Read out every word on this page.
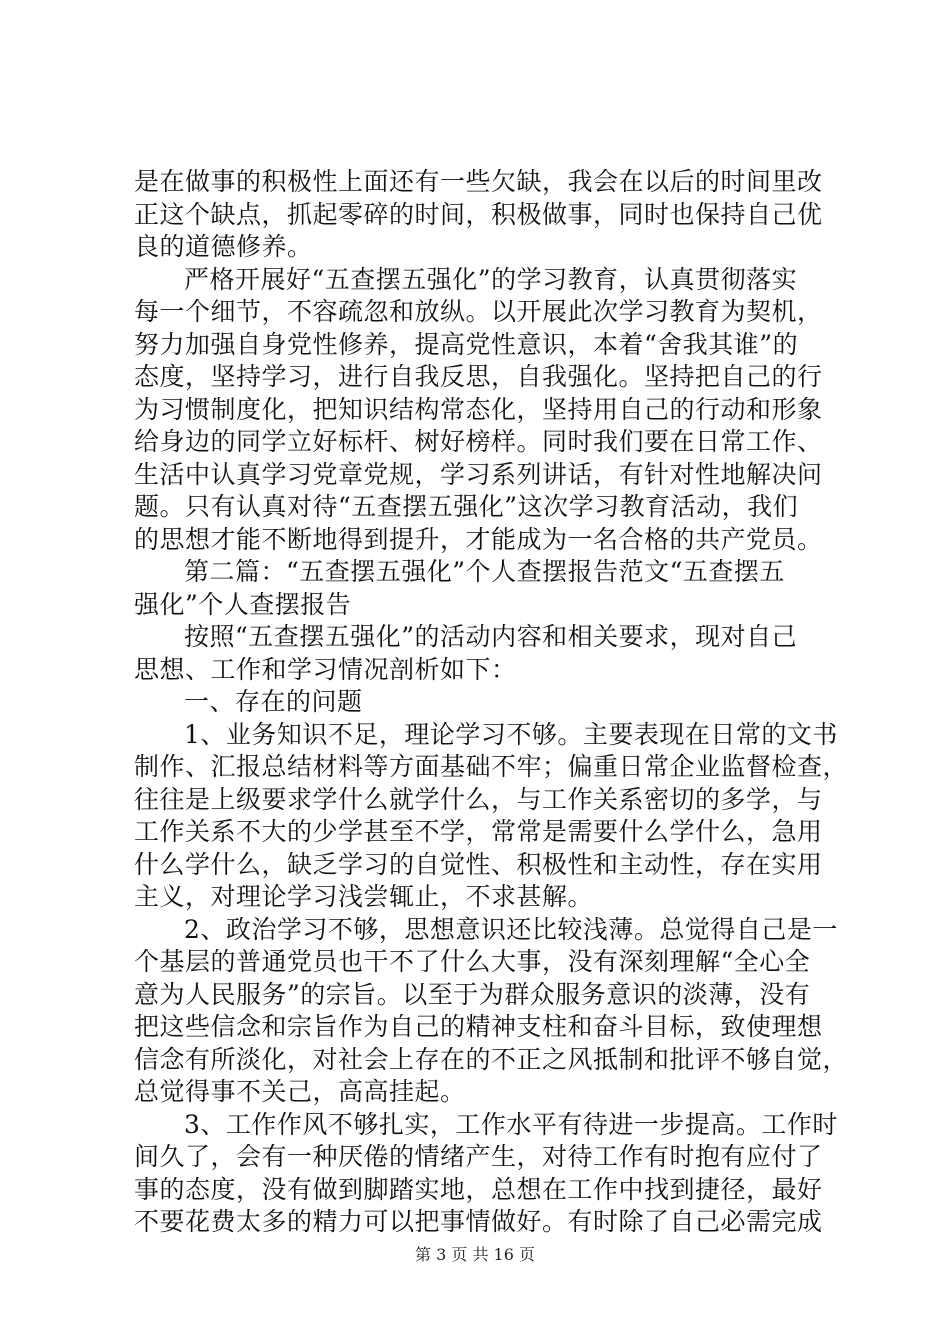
第 3 页 共 16 页
是在做事的积极性上面还有一些欠缺，我会在以后的时间里改
正这个缺点，抓起零碎的时间，积极做事，同时也保持自己优
良的道德修养。
严格开展好“五查摆五强化”的学习教育，认真贯彻落实
每一个细节，不容疏忽和放纵。以开展此次学习教育为契机，
努力加强自身党性修养，提高党性意识，本着“舍我其谁”的
态度，坚持学习，进行自我反思，自我强化。坚持把自己的行
为习惯制度化，把知识结构常态化，坚持用自己的行动和形象
给身边的同学立好标杆、树好榜样。同时我们要在日常工作、
生活中认真学习党章党规，学习系列讲话，有针对性地解决问
题。只有认真对待“五查摆五强化”这次学习教育活动，我们
的思想才能不断地得到提升，才能成为一名合格的共产党员。
第二篇：“五查摆五强化”个人查摆报告范文“五查摆五
强化”个人查摆报告
按照“五查摆五强化”的活动内容和相关要求，现对自己
思想、工作和学习情况剖析如下：
一、存在的问题
1、业务知识不足，理论学习不够。主要表现在日常的文书
制作、汇报总结材料等方面基础不牢；偏重日常企业监督检查，
往往是上级要求学什么就学什么，与工作关系密切的多学，与
工作关系不大的少学甚至不学，常常是需要什么学什么，急用
什么学什么，缺乏学习的自觉性、积极性和主动性，存在实用
主义，对理论学习浅尝辄止，不求甚解。
2、政治学习不够，思想意识还比较浅薄。总觉得自己是一
个基层的普通党员也干不了什么大事，没有深刻理解“全心全
意为人民服务”的宗旨。以至于为群众服务意识的淡薄，没有
把这些信念和宗旨作为自己的精神支柱和奋斗目标，致使理想
信念有所淡化，对社会上存在的不正之风抵制和批评不够自觉，
总觉得事不关己，高高挂起。
3、工作作风不够扎实，工作水平有待进一步提高。工作时
间久了，会有一种厌倦的情绪产生，对待工作有时抱有应付了
事的态度，没有做到脚踏实地，总想在工作中找到捷径，最好
不要花费太多的精力可以把事情做好。有时除了自己必需完成
